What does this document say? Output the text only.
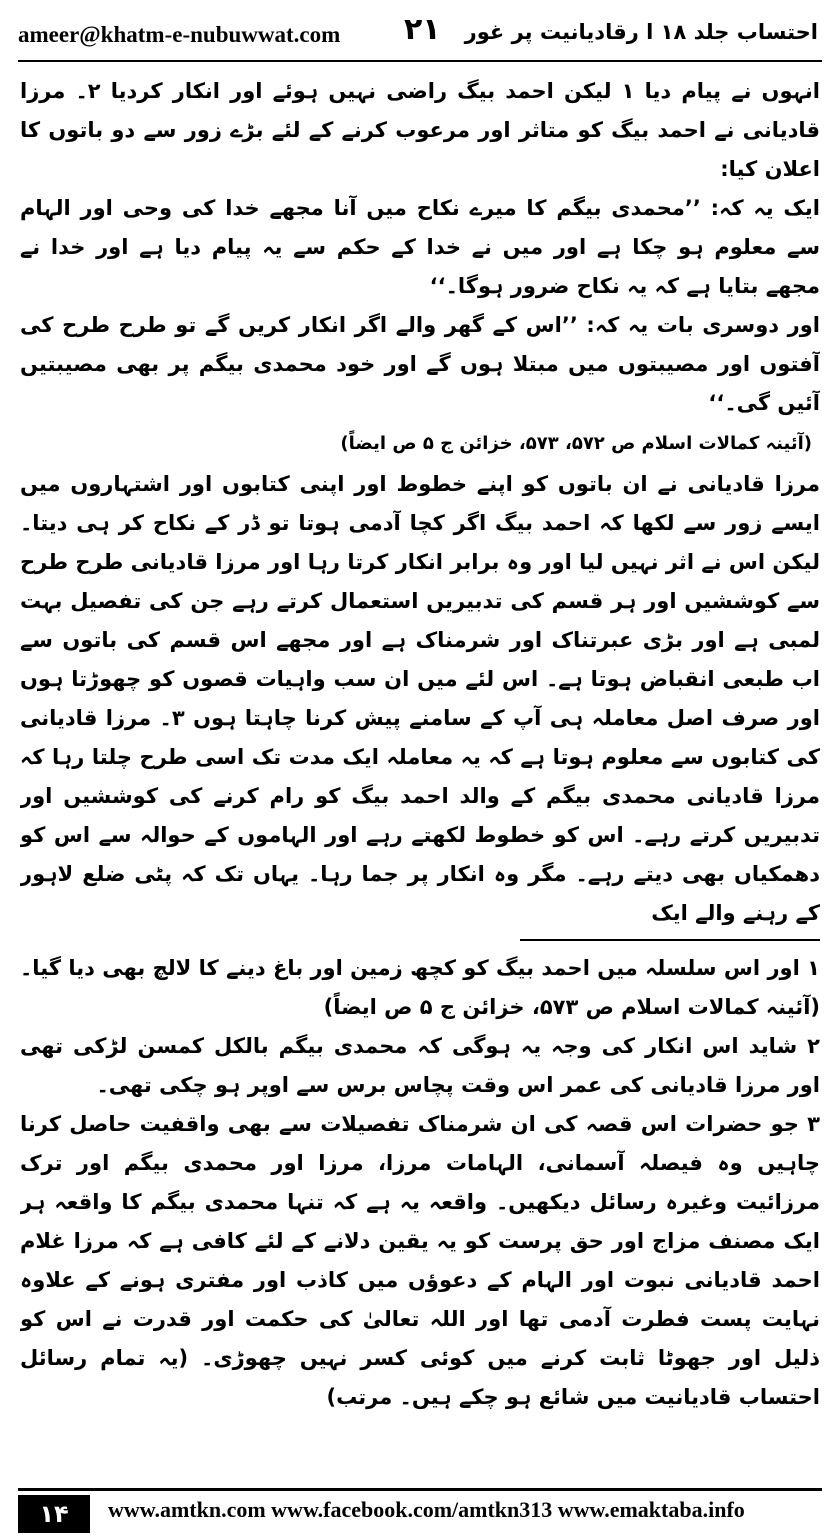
ameer@khatm-e-nubuwwat.com ۲۱ احتساب جلد ۱۸ ا رقادیانیت پر غور

انہوں نے پیام دیا ۱ لیکن احمد بیگ راضی نہیں ہوئے اور انکار کردیا ۲۔ مرزا قادیانی نے احمد بیگ کو متاثر اور مرعوب کرنے کے لئے بڑے زور سے دو باتوں کا اعلان کیا:

ایک یہ کہ: ’’محمدی بیگم کا میرے نکاح میں آنا مجھے خدا کی وحی اور الہام سے معلوم ہو چکا ہے اور میں نے خدا کے حکم سے یہ پیام دیا ہے اور خدا نے مجھے بتایا ہے کہ یہ نکاح ضرور ہوگا۔‘‘

اور دوسری بات یہ کہ: ’’اس کے گھر والے اگر انکار کریں گے تو طرح طرح کی آفتوں اور مصیبتوں میں مبتلا ہوں گے اور خود محمدی بیگم پر بھی مصیبتیں آئیں گی۔‘‘

(آئینہ کمالات اسلام ص ۵۷۲، ۵۷۳، خزائن ج ۵ ص ایضاً)

مرزا قادیانی نے ان باتوں کو اپنے خطوط اور اپنی کتابوں اور اشتہاروں میں ایسے زور سے لکھا کہ احمد بیگ اگر کچا آدمی ہوتا تو ڈر کے نکاح کر ہی دیتا۔ لیکن اس نے اثر نہیں لیا اور وہ برابر انکار کرتا رہا اور مرزا قادیانی طرح طرح سے کوششیں اور ہر قسم کی تدبیریں استعمال کرتے رہے جن کی تفصیل بہت لمبی ہے اور بڑی عبرتناک اور شرمناک ہے اور مجھے اس قسم کی باتوں سے اب طبعی انقباض ہوتا ہے۔ اس لئے میں ان سب واہیات قصوں کو چھوڑتا ہوں اور صرف اصل معاملہ ہی آپ کے سامنے پیش کرنا چاہتا ہوں ۳۔ مرزا قادیانی کی کتابوں سے معلوم ہوتا ہے کہ یہ معاملہ ایک مدت تک اسی طرح چلتا رہا کہ مرزا قادیانی محمدی بیگم کے والد احمد بیگ کو رام کرنے کی کوششیں اور تدبیریں کرتے رہے۔ اس کو خطوط لکھتے رہے اور الہاموں کے حوالہ سے اس کو دھمکیاں بھی دیتے رہے۔ مگر وہ انکار پر جما رہا۔ یہاں تک کہ پٹی ضلع لاہور کے رہنے والے ایک

۱ اور اس سلسلہ میں احمد بیگ کو کچھ زمین اور باغ دینے کا لالچ بھی دیا گیا۔ (آئینہ کمالات اسلام ص ۵۷۳، خزائن ج ۵ ص ایضاً)

۲ شاید اس انکار کی وجہ یہ ہوگی کہ محمدی بیگم بالکل کمسن لڑکی تھی اور مرزا قادیانی کی عمر اس وقت پچاس برس سے اوپر ہو چکی تھی۔

۳ جو حضرات اس قصہ کی ان شرمناک تفصیلات سے بھی واقفیت حاصل کرنا چاہیں وہ فیصلہ آسمانی، الہامات مرزا، مرزا اور محمدی بیگم اور ترک مرزائیت وغیرہ رسائل دیکھیں۔ واقعہ یہ ہے کہ تنہا محمدی بیگم کا واقعہ ہر ایک مصنف مزاج اور حق پرست کو یہ یقین دلانے کے لئے کافی ہے کہ مرزا غلام احمد قادیانی نبوت اور الہام کے دعوؤں میں کاذب اور مفتری ہونے کے علاوہ نہایت پست فطرت آدمی تھا اور اللہ تعالیٰ کی حکمت اور قدرت نے اس کو ذلیل اور جھوٹا ثابت کرنے میں کوئی کسر نہیں چھوڑی۔ (یہ تمام رسائل احتساب قادیانیت میں شائع ہو چکے ہیں۔ مرتب)

۱۴	www.amtkn.com www.facebook.com/amtkn313 www.emaktaba.info
